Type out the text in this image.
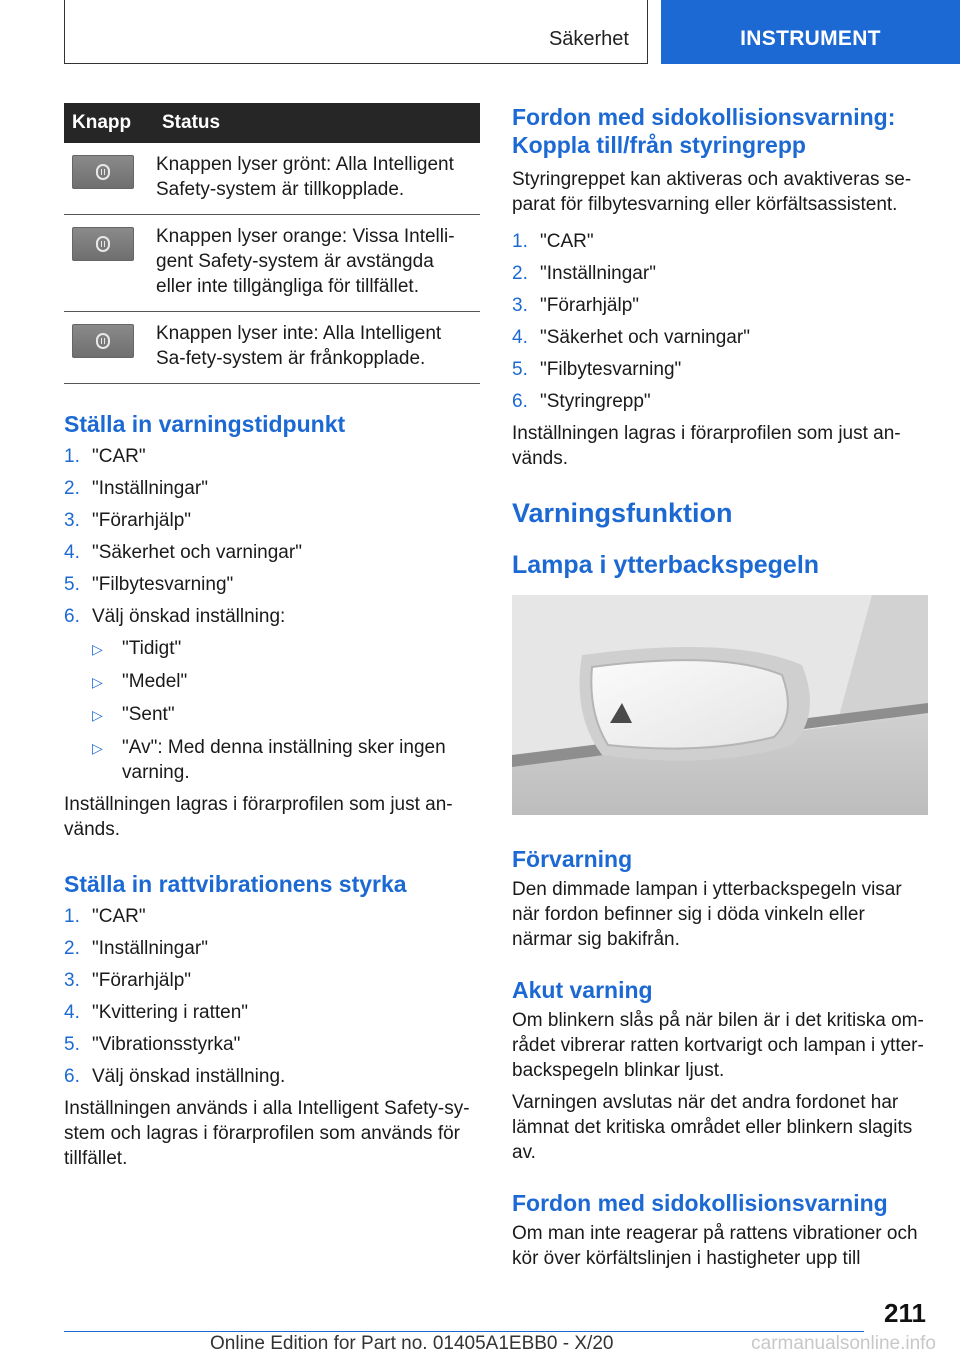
Säkerhet	INSTRUMENT
Knapp	Status

	Knappen lyser grönt: Alla Intelligent Safety-system är tillkopplade.

	Knappen lyser orange: Vissa Intelli-gent Safety-system är avstängda eller inte tillgängliga för tillfället.

	Knappen lyser inte: Alla Intelligent Sa-fety-system är frånkopplade.
Ställa in varningstidpunkt
1. "CAR"
2. "Inställningar"
3. "Förarhjälp"
4. "Säkerhet och varningar"
5. "Filbytesvarning"
6. Välj önskad inställning:
▷	"Tidigt"
▷	"Medel"
▷	"Sent"
▷	"Av": Med denna inställning sker ingen varning.

Inställningen lagras i förarprofilen som just an-vänds.

Ställa in rattvibrationens styrka
1. "CAR"
2. "Inställningar"
3. "Förarhjälp"
4. "Kvittering i ratten"
5. "Vibrationsstyrka"
6. Välj önskad inställning.

Inställningen används i alla Intelligent Safety-sy-stem och lagras i förarprofilen som används för tillfället.

Fordon med sidokollisionsvarning: Koppla till/från styringrepp

Styringreppet kan aktiveras och avaktiveras se-parat för filbytesvarning eller körfältsassistent.

1. "CAR"
2. "Inställningar"
3. "Förarhjälp"
4. "Säkerhet och varningar"
5. "Filbytesvarning"
6. "Styringrepp"

Inställningen lagras i förarprofilen som just an-vänds.

Varningsfunktion
Lampa i ytterbackspegeln
Förvarning

Den dimmade lampan i ytterbackspegeln visar när fordon befinner sig i döda vinkeln eller närmar sig bakifrån.

Akut varning

Om blinkern slås på när bilen är i det kritiska om-rådet vibrerar ratten kortvarigt och lampan i ytter-backspegeln blinkar ljust.

Varningen avslutas när det andra fordonet har lämnat det kritiska området eller blinkern slagits av.

Fordon med sidokollisionsvarning

Om man inte reagerar på rattens vibrationer och kör över körfältslinjen i hastigheter upp till

211
Online Edition for Part no. 01405A1EBB0 - X/20	carmanualsonline.info
